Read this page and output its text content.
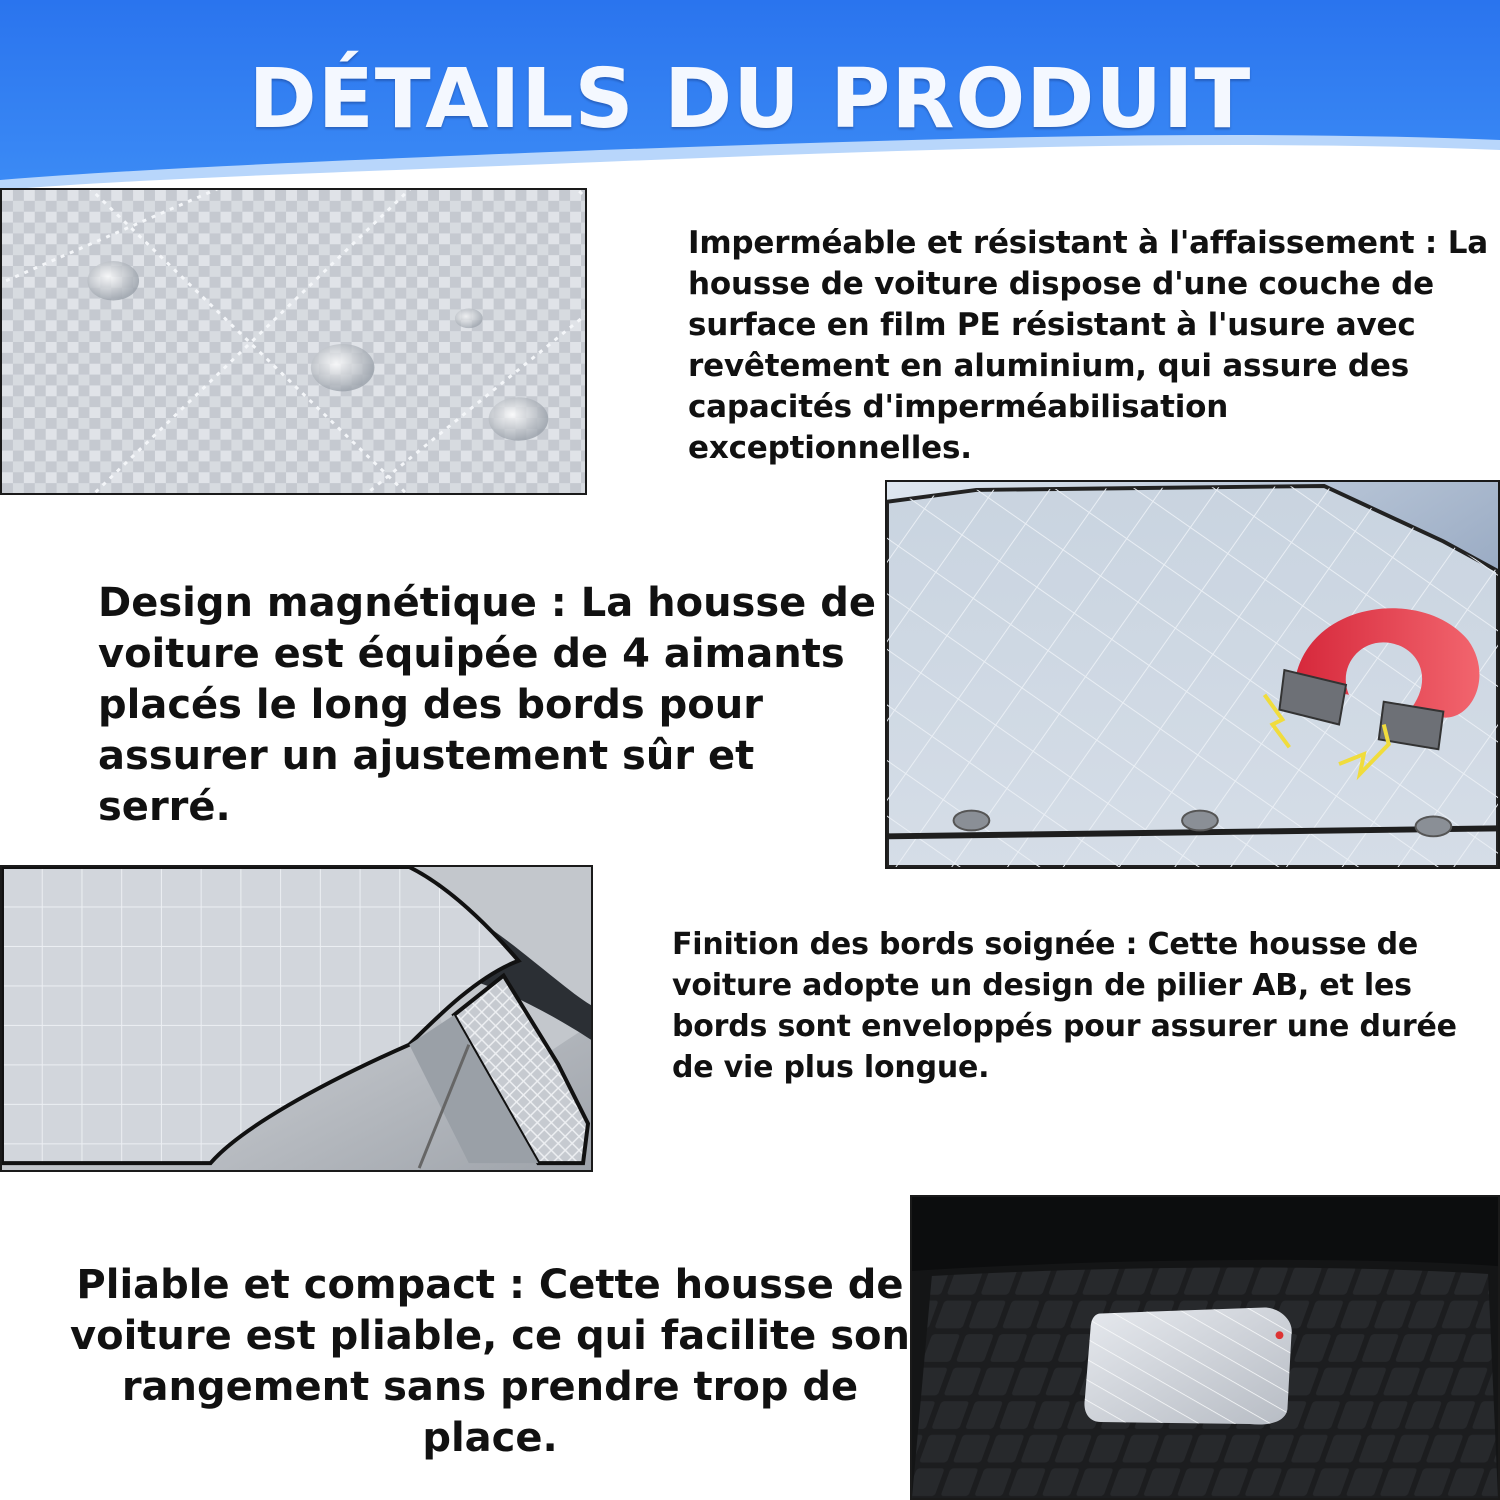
DÉTAILS DU PRODUIT

Imperméable et résistant à l'affaissement : La housse de voiture dispose d'une couche de surface en film PE résistant à l'usure avec revêtement en aluminium, qui assure des capacités d'imperméabilisation exceptionnelles.

Design magnétique : La housse de voiture est équipée de 4 aimants placés le long des bords pour assurer un ajustement sûr et serré.

Finition des bords soignée : Cette housse de voiture adopte un design de pilier AB, et les bords sont enveloppés pour assurer une durée de vie plus longue.

Pliable et compact : Cette housse de voiture est pliable, ce qui facilite son rangement sans prendre trop de place.
